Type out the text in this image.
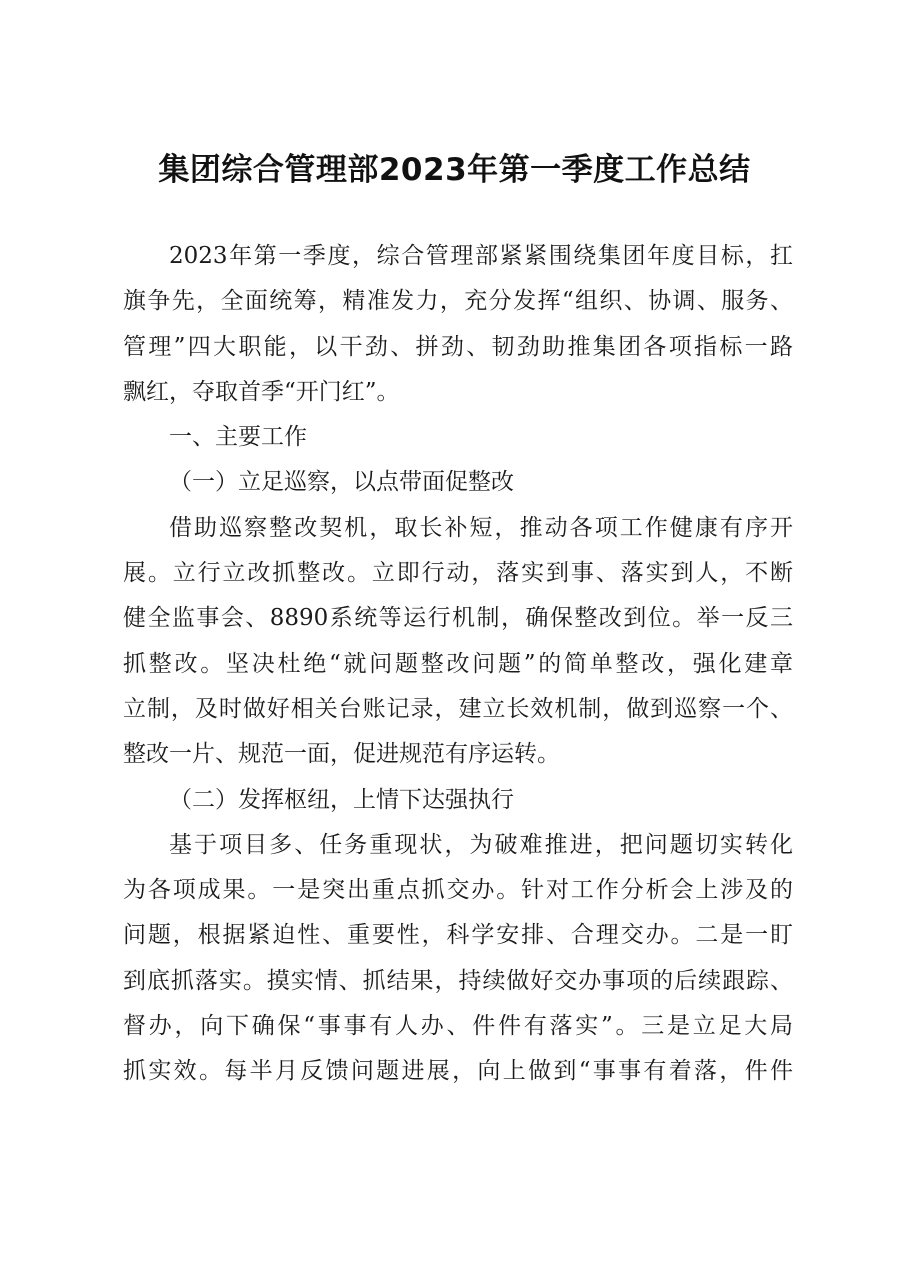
集团综合管理部2023年第一季度工作总结
2023年第一季度，综合管理部紧紧围绕集团年度目标，扛
旗争先，全面统筹，精准发力，充分发挥“组织、协调、服务、
管理”四大职能，以干劲、拼劲、韧劲助推集团各项指标一路
飘红，夺取首季“开门红”。
一、主要工作
（一）立足巡察，以点带面促整改
借助巡察整改契机，取长补短，推动各项工作健康有序开
展。立行立改抓整改。立即行动，落实到事、落实到人，不断
健全监事会、8890系统等运行机制，确保整改到位。举一反三
抓整改。坚决杜绝“就问题整改问题”的简单整改，强化建章
立制，及时做好相关台账记录，建立长效机制，做到巡察一个、
整改一片、规范一面，促进规范有序运转。
（二）发挥枢纽，上情下达强执行
基于项目多、任务重现状，为破难推进，把问题切实转化
为各项成果。一是突出重点抓交办。针对工作分析会上涉及的
问题，根据紧迫性、重要性，科学安排、合理交办。二是一盯
到底抓落实。摸实情、抓结果，持续做好交办事项的后续跟踪、
督办，向下确保“事事有人办、件件有落实”。三是立足大局
抓实效。每半月反馈问题进展，向上做到“事事有着落，件件
